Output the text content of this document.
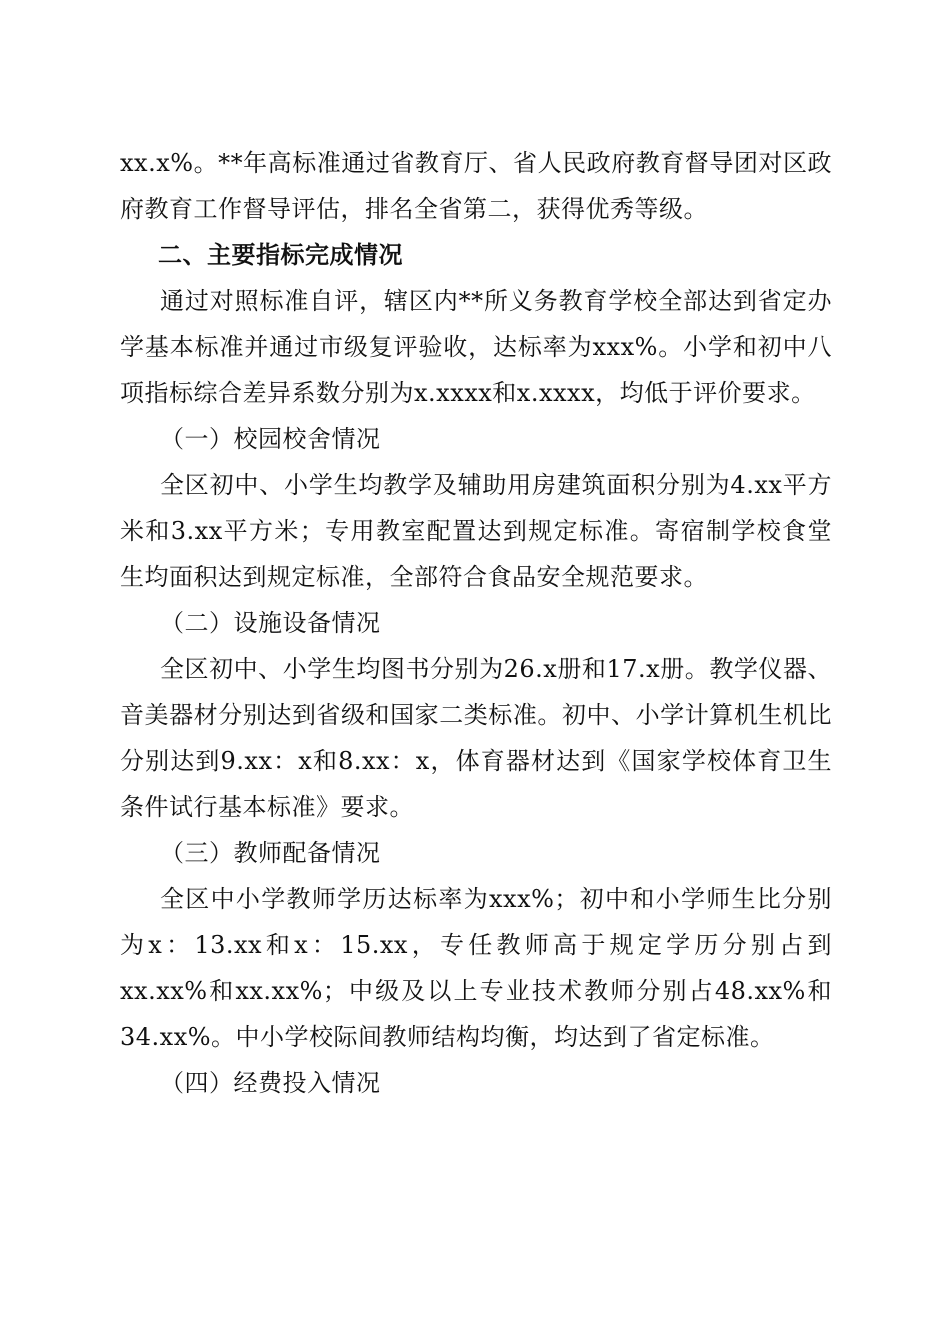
xx.x%。**年高标准通过省教育厅、省人民政府教育督导团对区政府教育工作督导评估，排名全省第二，获得优秀等级。

二、主要指标完成情况

通过对照标准自评，辖区内**所义务教育学校全部达到省定办学基本标准并通过市级复评验收，达标率为xxx%。小学和初中八项指标综合差异系数分别为x.xxxx和x.xxxx，均低于评价要求。

（一）校园校舍情况

全区初中、小学生均教学及辅助用房建筑面积分别为4.xx平方米和3.xx平方米；专用教室配置达到规定标准。寄宿制学校食堂生均面积达到规定标准，全部符合食品安全规范要求。

（二）设施设备情况

全区初中、小学生均图书分别为26.x册和17.x册。教学仪器、音美器材分别达到省级和国家二类标准。初中、小学计算机生机比分别达到9.xx：x和8.xx：x，体育器材达到《国家学校体育卫生条件试行基本标准》要求。

（三）教师配备情况

全区中小学教师学历达标率为xxx%；初中和小学师生比分别为x：13.xx和x：15.xx，专任教师高于规定学历分别占到xx.xx%和xx.xx%；中级及以上专业技术教师分别占48.xx%和34.xx%。中小学校际间教师结构均衡，均达到了省定标准。

（四）经费投入情况
